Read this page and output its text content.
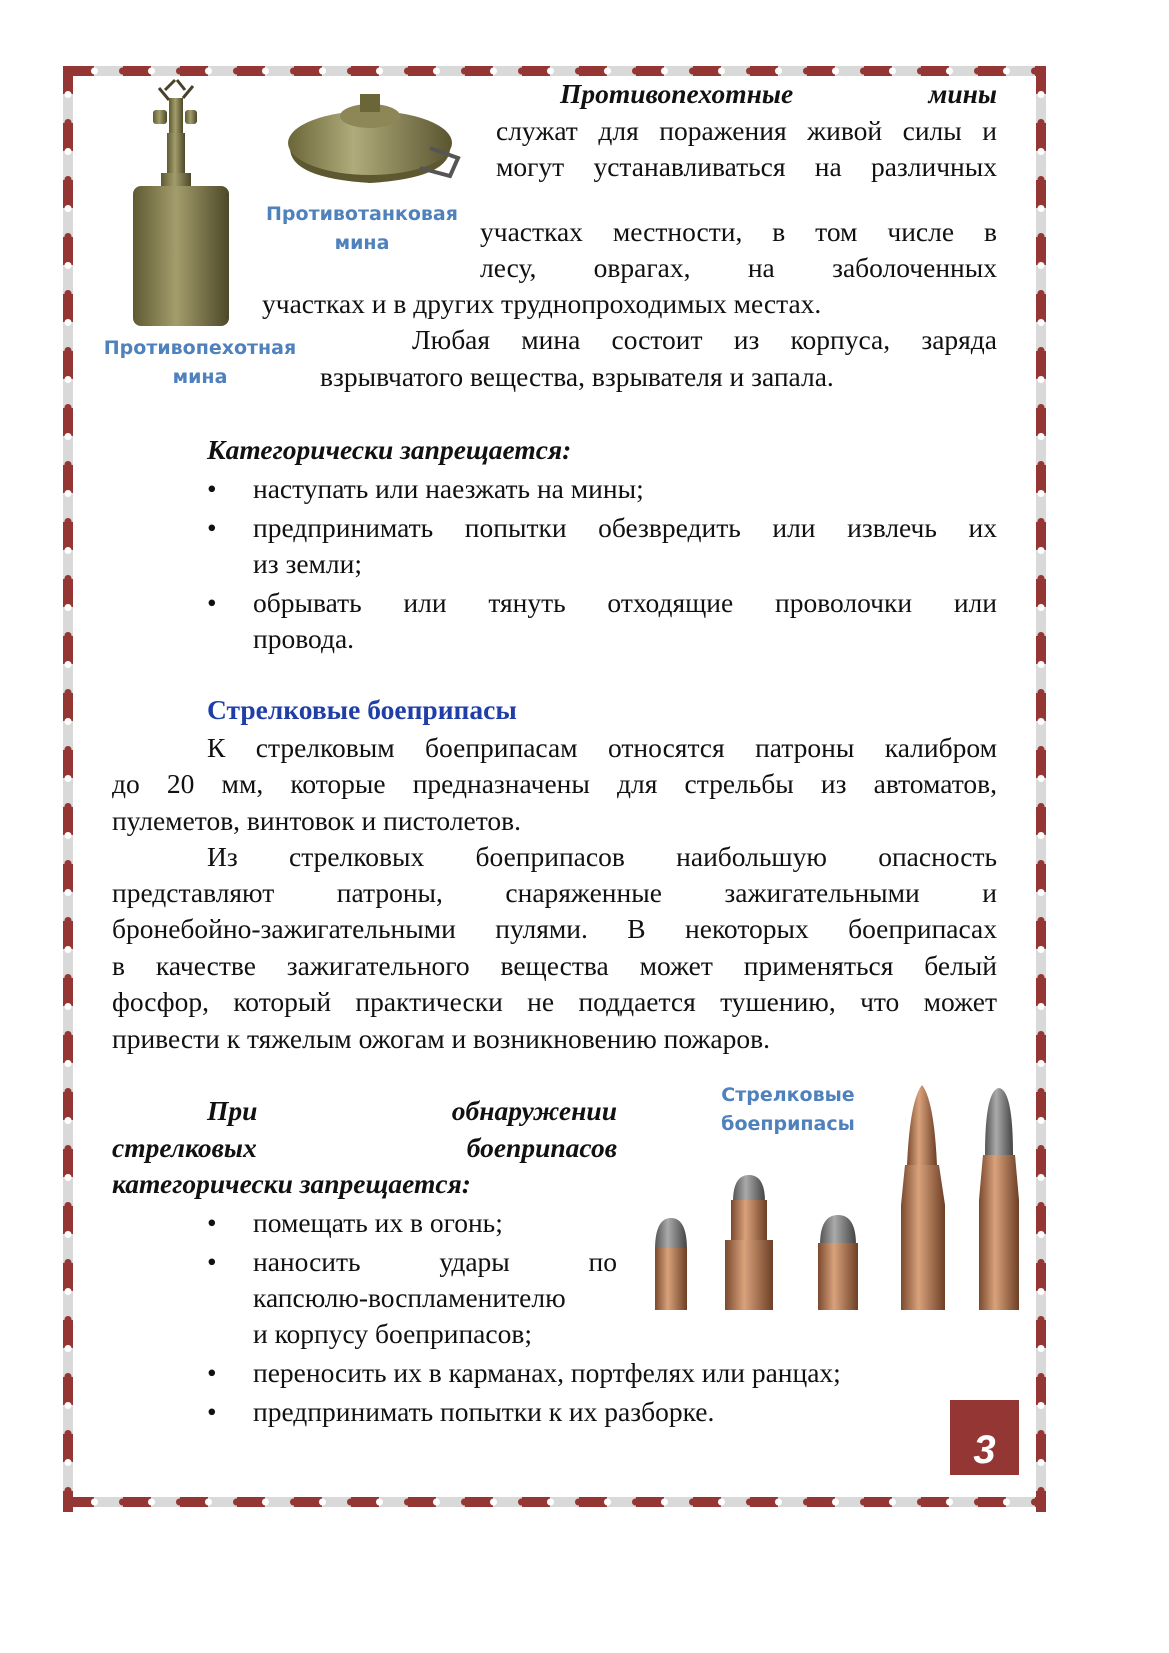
Противотанковая
мина
Противопехотная
мина
Противопехотные мины
служат для поражения живой силы и
могут устанавливаться на различных
участках местности, в том числе в
лесу, оврагах, на заболоченных
участках и в других труднопроходимых местах.
Любая мина состоит из корпуса, заряда
взрывчатого вещества, взрывателя и запала.
Категорически запрещается:
• наступать или наезжать на мины;
• предпринимать попытки обезвредить или извлечь их
из земли;
• обрывать или тянуть отходящие проволочки или
провода.
Стрелковые боеприпасы
К стрелковым боеприпасам относятся патроны калибром
до 20 мм, которые предназначены для стрельбы из автоматов,
пулеметов, винтовок и пистолетов.
Из стрелковых боеприпасов наибольшую опасность
представляют патроны, снаряженные зажигательными и
бронебойно-зажигательными пулями. В некоторых боеприпасах
в качестве зажигательного вещества может применяться белый
фосфор, который практически не поддается тушению, что может
привести к тяжелым ожогам и возникновению пожаров.
При обнаружении
стрелковых боеприпасов
категорически запрещается:
• помещать их в огонь;
• наносить удары по
капсюлю-воспламенителю
и корпусу боеприпасов;
• переносить их в карманах, портфелях или ранцах;
• предпринимать попытки к их разборке.
Стрелковые
боеприпасы
3
